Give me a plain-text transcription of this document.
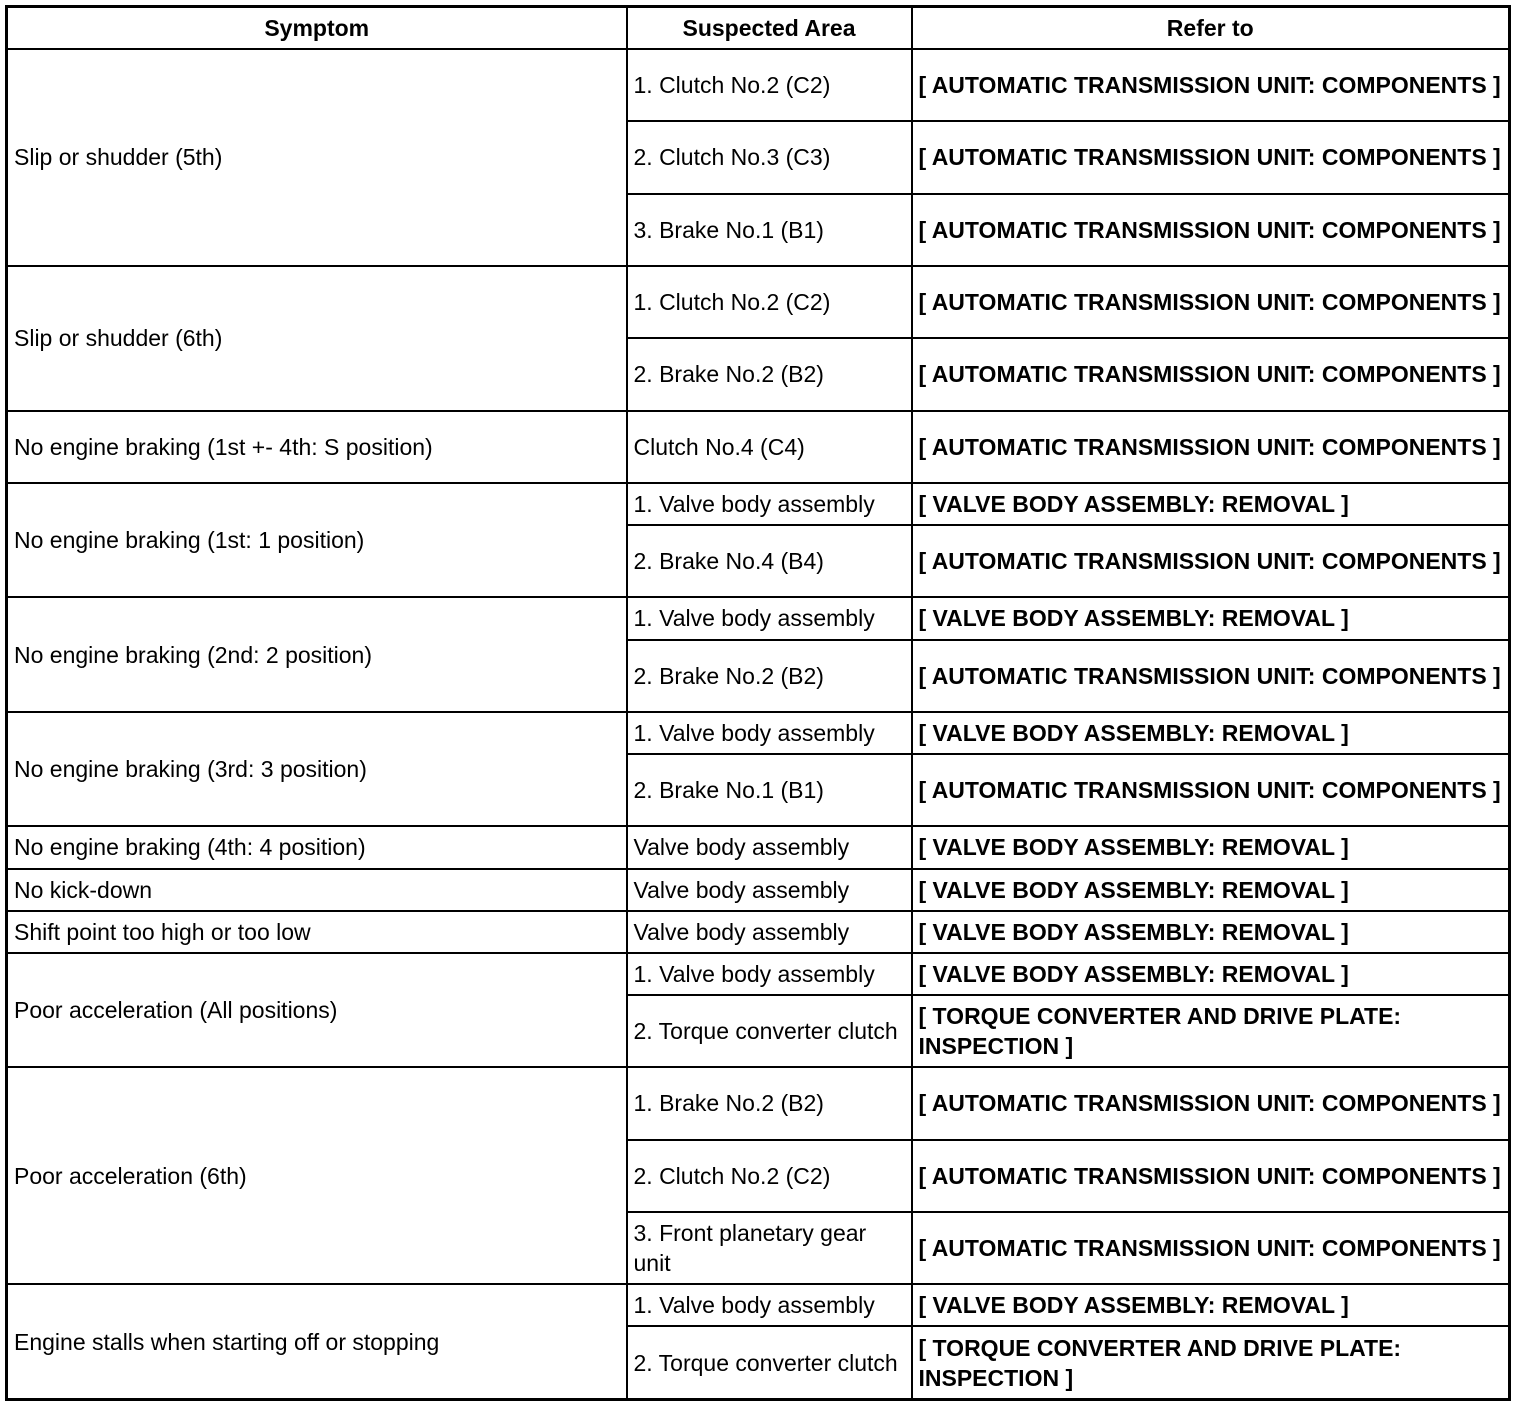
Symptom	Suspected Area	Refer to
Slip or shudder (5th)	1. Clutch No.2 (C2)	[ AUTOMATIC TRANSMISSION UNIT: COMPONENTS ]
	2. Clutch No.3 (C3)	[ AUTOMATIC TRANSMISSION UNIT: COMPONENTS ]
	3. Brake No.1 (B1)	[ AUTOMATIC TRANSMISSION UNIT: COMPONENTS ]
Slip or shudder (6th)	1. Clutch No.2 (C2)	[ AUTOMATIC TRANSMISSION UNIT: COMPONENTS ]
	2. Brake No.2 (B2)	[ AUTOMATIC TRANSMISSION UNIT: COMPONENTS ]
No engine braking (1st +- 4th: S position)	Clutch No.4 (C4)	[ AUTOMATIC TRANSMISSION UNIT: COMPONENTS ]
No engine braking (1st: 1 position)	1. Valve body assembly	[ VALVE BODY ASSEMBLY: REMOVAL ]
	2. Brake No.4 (B4)	[ AUTOMATIC TRANSMISSION UNIT: COMPONENTS ]
No engine braking (2nd: 2 position)	1. Valve body assembly	[ VALVE BODY ASSEMBLY: REMOVAL ]
	2. Brake No.2 (B2)	[ AUTOMATIC TRANSMISSION UNIT: COMPONENTS ]
No engine braking (3rd: 3 position)	1. Valve body assembly	[ VALVE BODY ASSEMBLY: REMOVAL ]
	2. Brake No.1 (B1)	[ AUTOMATIC TRANSMISSION UNIT: COMPONENTS ]
No engine braking (4th: 4 position)	Valve body assembly	[ VALVE BODY ASSEMBLY: REMOVAL ]
No kick-down	Valve body assembly	[ VALVE BODY ASSEMBLY: REMOVAL ]
Shift point too high or too low	Valve body assembly	[ VALVE BODY ASSEMBLY: REMOVAL ]
Poor acceleration (All positions)	1. Valve body assembly	[ VALVE BODY ASSEMBLY: REMOVAL ]
	2. Torque converter clutch	[ TORQUE CONVERTER AND DRIVE PLATE: INSPECTION ]
Poor acceleration (6th)	1. Brake No.2 (B2)	[ AUTOMATIC TRANSMISSION UNIT: COMPONENTS ]
	2. Clutch No.2 (C2)	[ AUTOMATIC TRANSMISSION UNIT: COMPONENTS ]
	3. Front planetary gear unit	[ AUTOMATIC TRANSMISSION UNIT: COMPONENTS ]
Engine stalls when starting off or stopping	1. Valve body assembly	[ VALVE BODY ASSEMBLY: REMOVAL ]
	2. Torque converter clutch	[ TORQUE CONVERTER AND DRIVE PLATE: INSPECTION ]
